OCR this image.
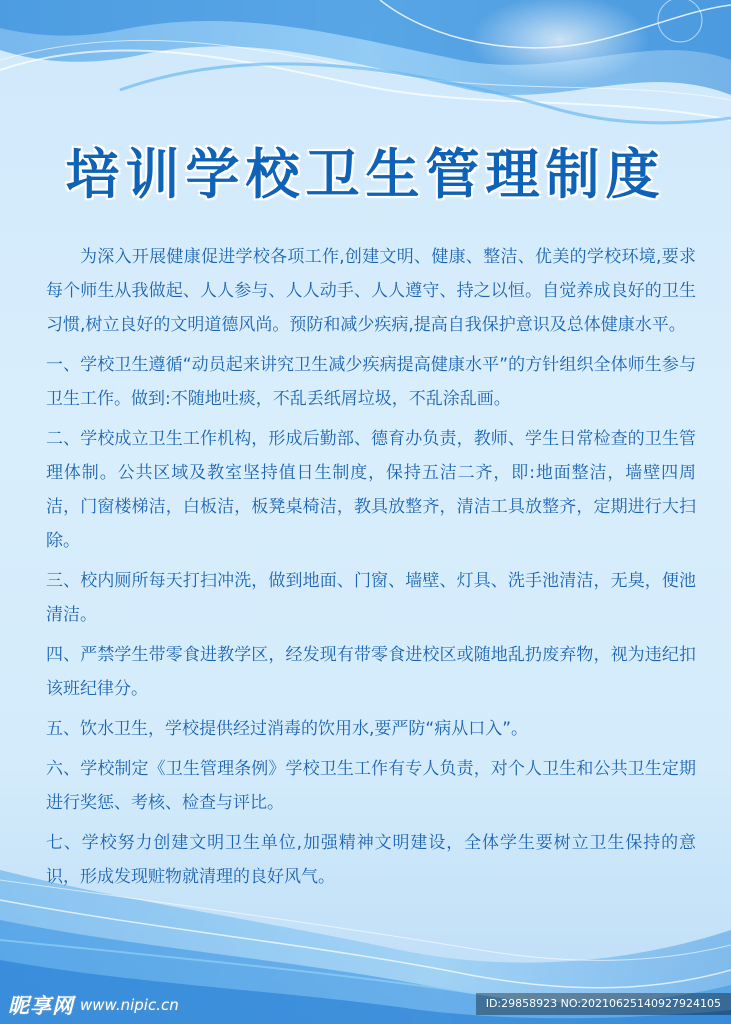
培训学校卫生管理制度

为深入开展健康促进学校各项工作,创建文明、健康、整洁、优美的学校环境,要求每个师生从我做起、人人参与、人人动手、人人遵守、持之以恒。自觉养成良好的卫生习惯,树立良好的文明道德风尚。预防和减少疾病,提高自我保护意识及总体健康水平。

一、学校卫生遵循“动员起来讲究卫生减少疾病提高健康水平”的方针组织全体师生参与卫生工作。做到:不随地吐痰，不乱丢纸屑垃圾，不乱涂乱画。

二、学校成立卫生工作机构，形成后勤部、德育办负责，教师、学生日常检查的卫生管理体制。公共区域及教室坚持值日生制度，保持五洁二齐，即:地面整洁，墙壁四周洁，门窗楼梯洁，白板洁，板凳桌椅洁，教具放整齐，清洁工具放整齐，定期进行大扫除。

三、校内厕所每天打扫冲洗，做到地面、门窗、墙壁、灯具、洗手池清洁，无臭，便池清洁。

四、严禁学生带零食进教学区，经发现有带零食进校区或随地乱扔废弃物，视为违纪扣该班纪律分。

五、饮水卫生，学校提供经过消毒的饮用水,要严防“病从口入”。

六、学校制定《卫生管理条例》学校卫生工作有专人负责，对个人卫生和公共卫生定期进行奖惩、考核、检查与评比。

七、学校努力创建文明卫生单位,加强精神文明建设，全体学生要树立卫生保持的意识，形成发现赃物就清理的良好风气。

昵享网 www.nipic.cn	ID:29858923 NO:20210625140927924105
